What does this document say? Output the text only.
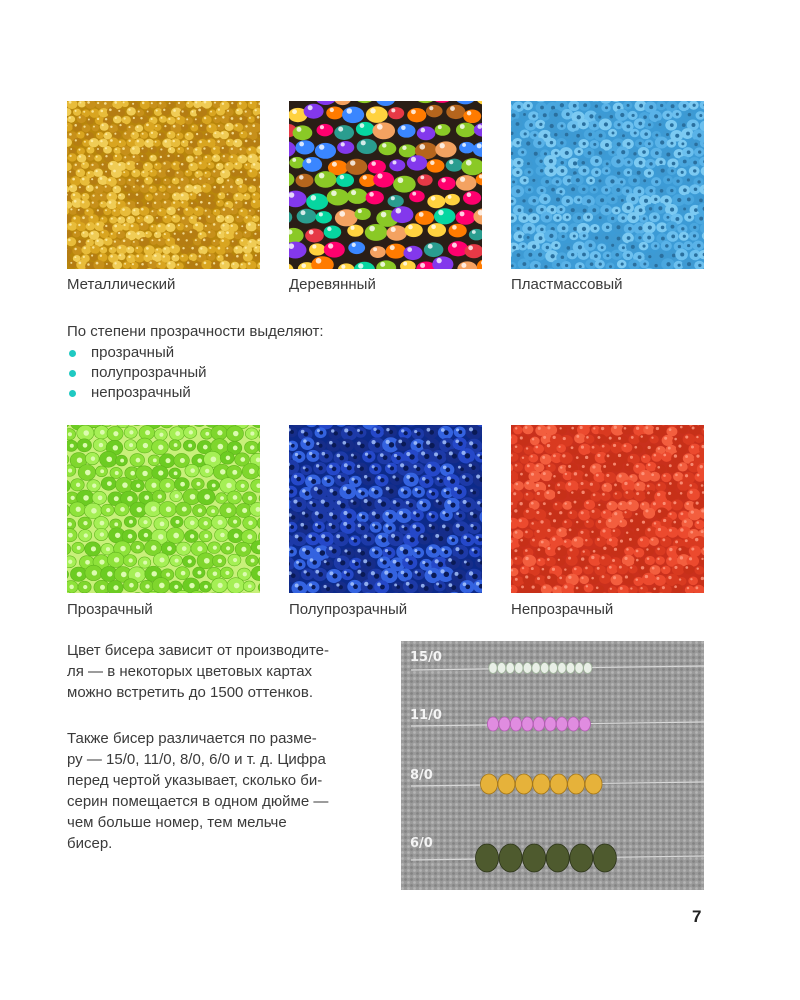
Металлический	Деревянный	Пластмассовый
По степени прозрачности выделяют:
прозрачный
полупрозрачный
непрозрачный
Прозрачный	Полупрозрачный	Непрозрачный
Цвет бисера зависит от производите-
ля — в некоторых цветовых картах
можно встретить до 1500 оттенков.
Также бисер различается по разме-
ру — 15/0, 11/0, 8/0, 6/0 и т. д. Цифра
перед чертой указывает, сколько би-
серин помещается в одном дюйме —
чем больше номер, тем мельче
бисер.
15/0
11/0
8/0
6/0
7
